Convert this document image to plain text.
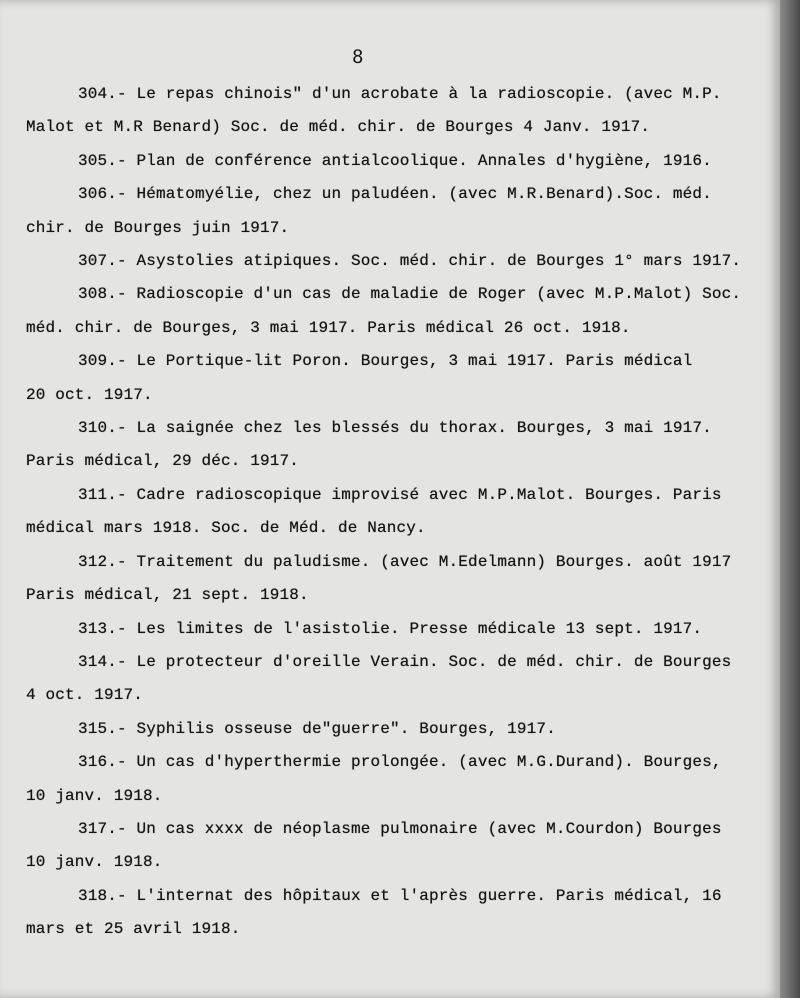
8
304.- Le repas chinois" d'un acrobate à la radioscopie. (avec M.P.
Malot et M.R Benard) Soc. de méd. chir. de Bourges 4 Janv. 1917.
305.- Plan de conférence antialcoolique. Annales d'hygiène, 1916.
306.- Hématomyélie, chez un paludéen. (avec M.R.Benard).Soc. méd.
chir. de Bourges juin 1917.
307.- Asystolies atipiques. Soc. méd. chir. de Bourges 1° mars 1917.
308.- Radioscopie d'un cas de maladie de Roger (avec M.P.Malot) Soc.
méd. chir. de Bourges, 3 mai 1917. Paris médical 26 oct. 1918.
309.- Le Portique-lit Poron. Bourges, 3 mai 1917. Paris médical
20 oct. 1917.
310.- La saignée chez les blessés du thorax. Bourges, 3 mai 1917.
Paris médical, 29 déc. 1917.
311.- Cadre radioscopique improvisé avec M.P.Malot. Bourges. Paris
médical mars 1918. Soc. de Méd. de Nancy.
312.- Traitement du paludisme. (avec M.Edelmann) Bourges. août 1917
Paris médical, 21 sept. 1918.
313.- Les limites de l'asistolie. Presse médicale 13 sept. 1917.
314.- Le protecteur d'oreille Verain. Soc. de méd. chir. de Bourges
4 oct. 1917.
315.- Syphilis osseuse de"guerre". Bourges, 1917.
316.- Un cas d'hyperthermie prolongée. (avec M.G.Durand). Bourges,
10 janv. 1918.
317.- Un cas xxxx de néoplasme pulmonaire (avec M.Courdon) Bourges
10 janv. 1918.
318.- L'internat des hôpitaux et l'après guerre. Paris médical, 16
mars et 25 avril 1918.
